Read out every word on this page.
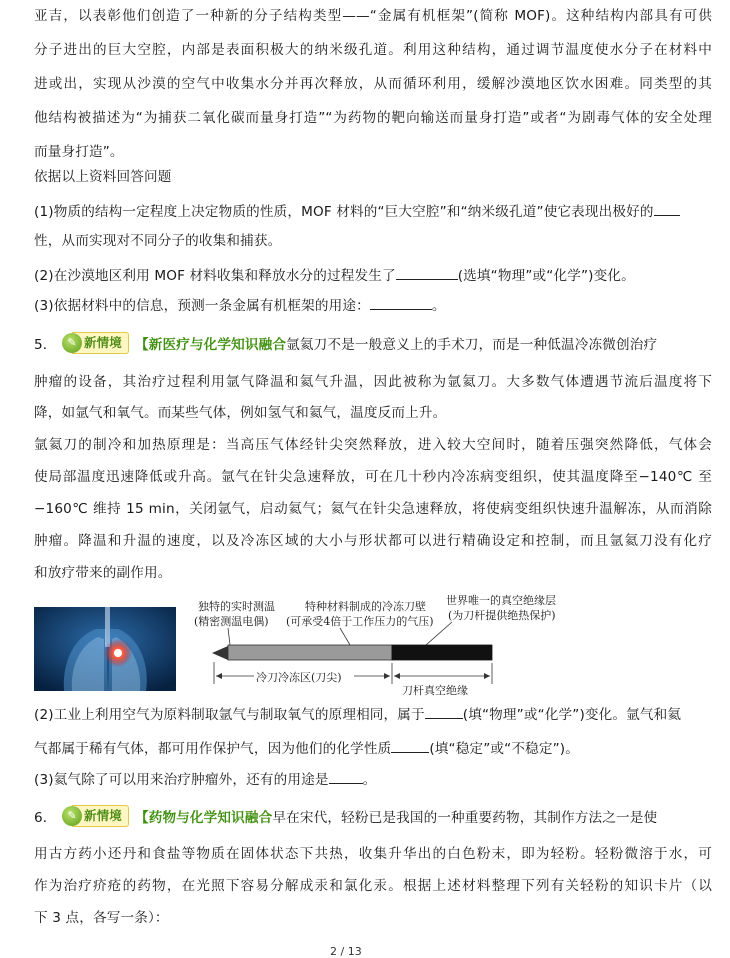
亚吉，以表彰他们创造了一种新的分子结构类型——“金属有机框架”(简称 MOF)。这种结构内部具有可供
分子进出的巨大空腔，内部是表面积极大的纳米级孔道。利用这种结构，通过调节温度使水分子在材料中
进或出，实现从沙漠的空气中收集水分并再次释放，从而循环利用，缓解沙漠地区饮水困难。同类型的其
他结构被描述为“为捕获二氧化碳而量身打造”“为药物的靶向输送而量身打造”或者“为剧毒气体的安全处理
而量身打造”。
依据以上资料回答问题
(1)物质的结构一定程度上决定物质的性质，MOF 材料的“巨大空腔”和“纳米级孔道”使它表现出极好的
性，从而实现对不同分子的收集和捕获。
(2)在沙漠地区利用 MOF 材料收集和释放水分的过程发生了	(选填“物理”或“化学”)变化。
(3)依据材料中的信息，预测一条金属有机框架的用途：	。
5． ✎ 新情境 【新医疗与化学知识融合氩氦刀不是一般意义上的手术刀，而是一种低温冷冻微创治疗
肿瘤的设备，其治疗过程利用氩气降温和氦气升温，因此被称为氩氦刀。大多数气体遭遇节流后温度将下
降，如氩气和氧气。而某些气体，例如氢气和氦气，温度反而上升。
氩氦刀的制冷和加热原理是：当高压气体经针尖突然释放，进入较大空间时，随着压强突然降低，气体会
使局部温度迅速降低或升高。氩气在针尖急速释放，可在几十秒内冷冻病变组织，使其温度降至−140℃ 至
−160℃ 维持 15 min，关闭氩气，启动氦气；氦气在针尖急速释放，将使病变组织快速升温解冻，从而消除
肿瘤。降温和升温的速度，以及冷冻区域的大小与形状都可以进行精确设定和控制，而且氩氦刀没有化疗
和放疗带来的副作用。
独特的实时测温
(精密测温电偶)
特种材料制成的冷冻刀壁
(可承受4倍于工作压力的气压)
世界唯一的真空绝缘层
(为刀杆提供绝热保护)
冷刀冷冻区(刀尖)
刀杆真空绝缘
(2)工业上利用空气为原料制取氩气与制取氧气的原理相同，属于	(填“物理”或“化学”)变化。氩气和氦
气都属于稀有气体，都可用作保护气，因为他们的化学性质	(填“稳定”或“不稳定”)。
(3)氦气除了可以用来治疗肿瘤外，还有的用途是	。
6． ✎ 新情境 【药物与化学知识融合早在宋代，轻粉已是我国的一种重要药物，其制作方法之一是使
用古方药小还丹和食盐等物质在固体状态下共热，收集升华出的白色粉末，即为轻粉。轻粉微溶于水，可
作为治疗疥疮的药物，在光照下容易分解成汞和氯化汞。根据上述材料整理下列有关轻粉的知识卡片（以
下 3 点，各写一条）：
2 / 13
